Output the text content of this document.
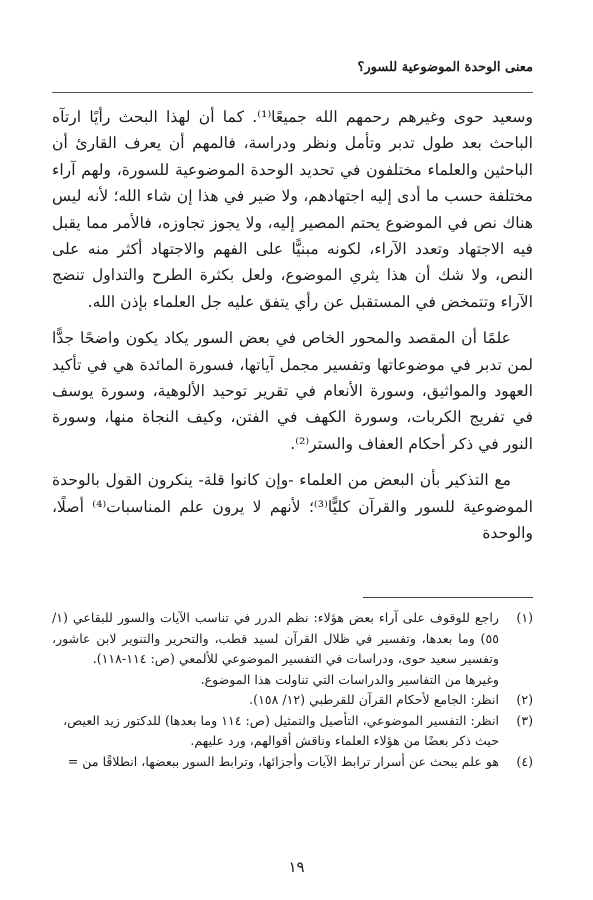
معنى الوحدة الموضوعية للسور؟

وسعيد حوى وغيرهم رحمهم الله جميعًا⁽¹⁾. كما أن لهذا البحث رأيًا ارتآه الباحث بعد طول تدبر وتأمل ونظر ودراسة، فالمهم أن يعرف القارئ أن الباحثين والعلماء مختلفون في تحديد الوحدة الموضوعية للسورة، ولهم آراء مختلفة حسب ما أدى إليه اجتهادهم، ولا ضير في هذا إن شاء الله؛ لأنه ليس هناك نص في الموضوع يحتم المصير إليه، ولا يجوز تجاوزه، فالأمر مما يقبل فيه الاجتهاد وتعدد الآراء، لكونه مبنيًّا على الفهم والاجتهاد أكثر منه على النص، ولا شك أن هذا يثري الموضوع، ولعل بكثرة الطرح والتداول تنضج الآراء وتتمخض في المستقبل عن رأي يتفق عليه جل العلماء بإذن الله.

علمًا أن المقصد والمحور الخاص في بعض السور يكاد يكون واضحًا جدًّا لمن تدبر في موضوعاتها وتفسير مجمل آياتها، فسورة المائدة هي في تأكيد العهود والمواثيق، وسورة الأنعام في تقرير توحيد الألوهية، وسورة يوسف في تفريج الكربات، وسورة الكهف في الفتن، وكيف النجاة منها، وسورة النور في ذكر أحكام العفاف والستر⁽²⁾.

مع التذكير بأن البعض من العلماء -وإن كانوا قلة- ينكرون القول بالوحدة الموضوعية للسور والقرآن كليًّا⁽³⁾؛ لأنهم لا يرون علم المناسبات⁽⁴⁾ أصلًا، والوحدة

(١)
راجع للوقوف على آراء بعض هؤلاء: نظم الدرر في تناسب الآيات والسور للبقاعي (١/ ٥٥) وما بعدها، وتفسير في ظلال القرآن لسيد قطب، والتحرير والتنوير لابن عاشور، وتفسير سعيد حوى، ودراسات في التفسير الموضوعي للألمعي (ص: ١١٤-١١٨).
وغيرها من التفاسير والدراسات التي تناولت هذا الموضوع.
(٢)
انظر: الجامع لأحكام القرآن للقرطبي (١٢/ ١٥٨).
(٣)
انظر: التفسير الموضوعي، التأصيل والتمثيل (ص: ١١٤ وما بعدها) للدكتور زيد العيص،
حيث ذكر بعضًا من هؤلاء العلماء وناقش أقوالهم، ورد عليهم.
(٤)
هو علم يبحث عن أسرار ترابط الآيات وأجزائها، وترابط السور ببعضها، انطلاقًا من =
١٩
